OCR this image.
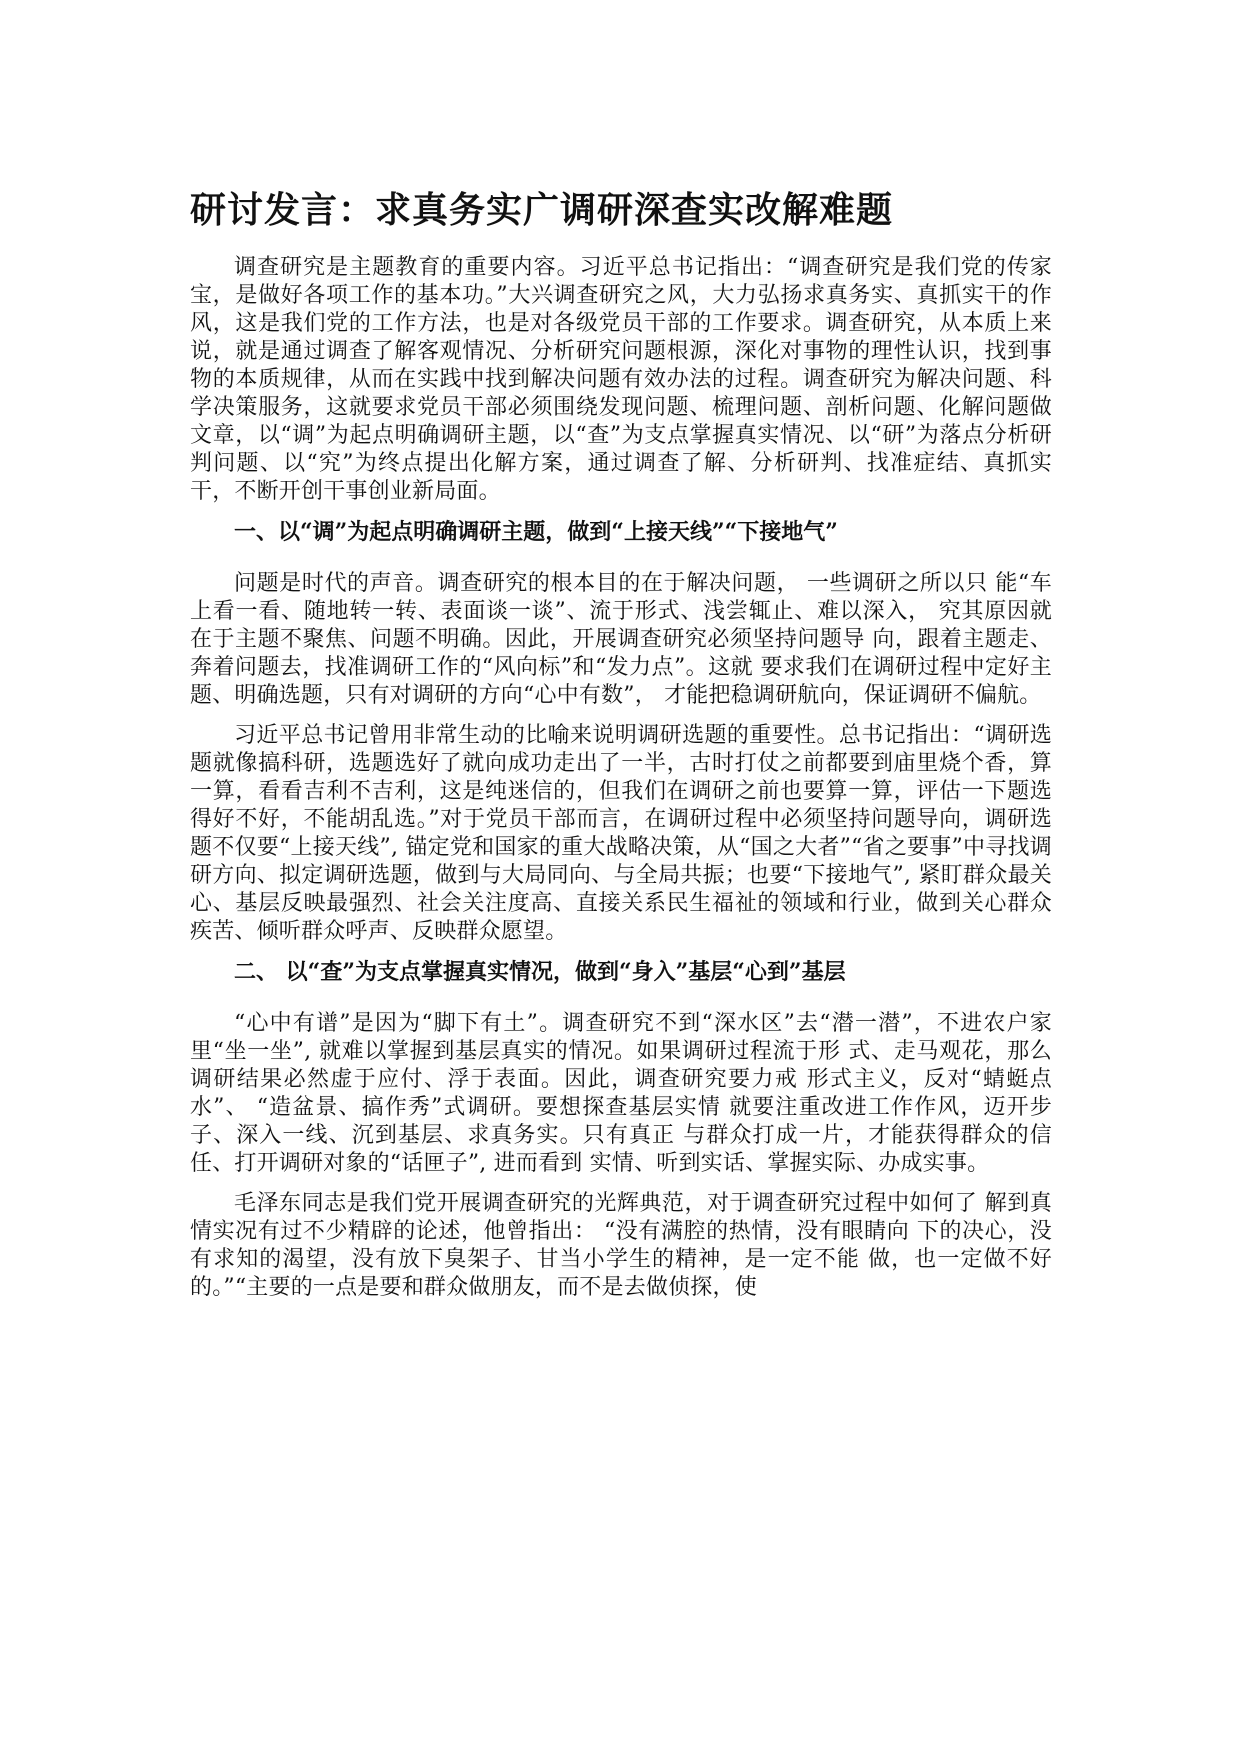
研讨发言：求真务实广调研深查实改解难题

调查研究是主题教育的重要内容。习近平总书记指出：“调查研究是我们党的传家宝，是做好各项工作的基本功。”大兴调查研究之风，大力弘扬求真务实、真抓实干的作风，这是我们党的工作方法，也是对各级党员干部的工作要求。调查研究，从本质上来说，就是通过调查了解客观情况、分析研究问题根源，深化对事物的理性认识，找到事物的本质规律，从而在实践中找到解决问题有效办法的过程。调查研究为解决问题、科学决策服务，这就要求党员干部必须围绕发现问题、梳理问题、剖析问题、化解问题做文章，以“调”为起点明确调研主题，以“查”为支点掌握真实情况、以“研”为落点分析研判问题、以“究”为终点提出化解方案，通过调查了解、分析研判、找准症结、真抓实干，不断开创干事创业新局面。

一、以“调”为起点明确调研主题，做到“上接天线”“下接地气”

问题是时代的声音。调查研究的根本目的在于解决问题， 一些调研之所以只 能“车上看一看、随地转一转、表面谈一谈”、流于形式、浅尝辄止、难以深入， 究其原因就在于主题不聚焦、问题不明确。因此，开展调查研究必须坚持问题导 向，跟着主题走、奔着问题去，找准调研工作的“风向标”和“发力点”。这就 要求我们在调研过程中定好主题、明确选题，只有对调研的方向“心中有数”， 才能把稳调研航向，保证调研不偏航。

习近平总书记曾用非常生动的比喻来说明调研选题的重要性。总书记指出：“调研选题就像搞科研，选题选好了就向成功走出了一半，古时打仗之前都要到庙里烧个香，算一算，看看吉利不吉利，这是纯迷信的，但我们在调研之前也要算一算，评估一下题选得好不好，不能胡乱选。”对于党员干部而言，在调研过程中必须坚持问题导向，调研选题不仅要“上接天线”, 锚定党和国家的重大战略决策，从“国之大者”“省之要事”中寻找调研方向、拟定调研选题，做到与大局同向、与全局共振；也要“下接地气”, 紧盯群众最关心、基层反映最强烈、社会关注度高、直接关系民生福祉的领域和行业，做到关心群众疾苦、倾听群众呼声、反映群众愿望。

二、 以“查”为支点掌握真实情况，做到“身入”基层“心到”基层

“心中有谱”是因为“脚下有土”。调查研究不到“深水区”去“潜一潜”，不进农户家里“坐一坐”, 就难以掌握到基层真实的情况。如果调研过程流于形 式、走马观花，那么调研结果必然虚于应付、浮于表面。因此，调查研究要力戒 形式主义，反对“蜻蜓点水”、 “造盆景、搞作秀”式调研。要想探查基层实情 就要注重改进工作作风，迈开步子、深入一线、沉到基层、求真务实。只有真正 与群众打成一片，才能获得群众的信任、打开调研对象的“话匣子”, 进而看到 实情、听到实话、掌握实际、办成实事。

毛泽东同志是我们党开展调查研究的光辉典范，对于调查研究过程中如何了 解到真情实况有过不少精辟的论述，他曾指出： “没有满腔的热情，没有眼睛向 下的决心，没有求知的渴望，没有放下臭架子、甘当小学生的精神，是一定不能 做，也一定做不好的。”“主要的一点是要和群众做朋友，而不是去做侦探，使
